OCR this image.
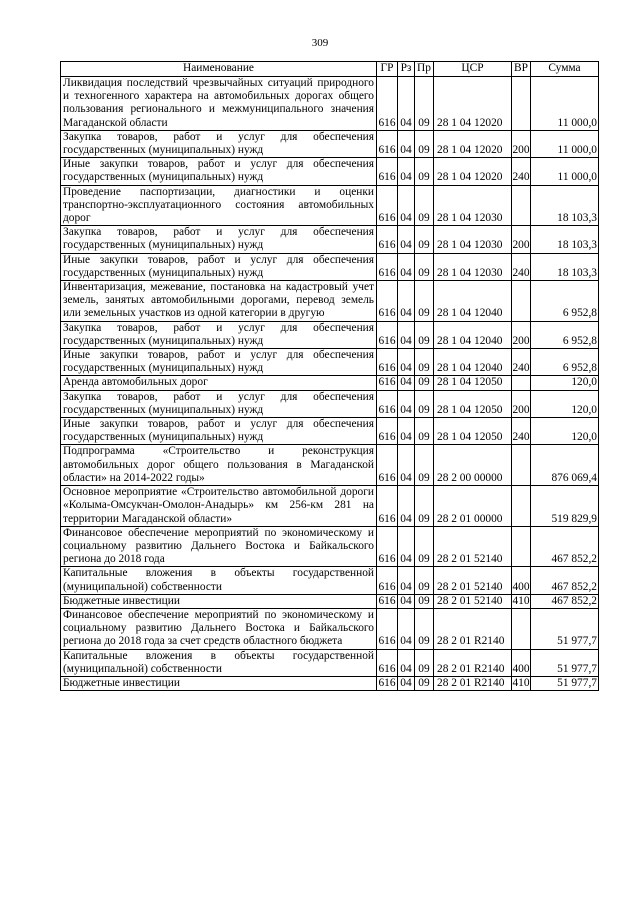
309
Наименование	ГР	Рз	Пр	ЦСР	ВР	Сумма
Ликвидация последствий чрезвычайных ситуаций природного и техногенного характера на автомобильных дорогах общего пользования регионального и межмуниципального значения Магаданской области	616	04	09	28 1 04 12020		11 000,0
Закупка товаров, работ и услуг для обеспечения государственных (муниципальных) нужд	616	04	09	28 1 04 12020	200	11 000,0
Иные закупки товаров, работ и услуг для обеспечения государственных (муниципальных) нужд	616	04	09	28 1 04 12020	240	11 000,0
Проведение паспортизации, диагностики и оценки транспортно-эксплуатационного состояния автомобильных дорог	616	04	09	28 1 04 12030		18 103,3
Закупка товаров, работ и услуг для обеспечения государственных (муниципальных) нужд	616	04	09	28 1 04 12030	200	18 103,3
Иные закупки товаров, работ и услуг для обеспечения государственных (муниципальных) нужд	616	04	09	28 1 04 12030	240	18 103,3
Инвентаризация, межевание, постановка на кадастровый учет земель, занятых автомобильными дорогами, перевод земель или земельных участков из одной категории в другую	616	04	09	28 1 04 12040		6 952,8
Закупка товаров, работ и услуг для обеспечения государственных (муниципальных) нужд	616	04	09	28 1 04 12040	200	6 952,8
Иные закупки товаров, работ и услуг для обеспечения государственных (муниципальных) нужд	616	04	09	28 1 04 12040	240	6 952,8
Аренда автомобильных дорог	616	04	09	28 1 04 12050		120,0
Закупка товаров, работ и услуг для обеспечения государственных (муниципальных) нужд	616	04	09	28 1 04 12050	200	120,0
Иные закупки товаров, работ и услуг для обеспечения государственных (муниципальных) нужд	616	04	09	28 1 04 12050	240	120,0
Подпрограмма «Строительство и реконструкция автомобильных дорог общего пользования в Магаданской области» на 2014-2022 годы»	616	04	09	28 2 00 00000		876 069,4
Основное мероприятие «Строительство автомобильной дороги «Колыма-Омсукчан-Омолон-Анадырь» км 256-км 281 на территории Магаданской области»	616	04	09	28 2 01 00000		519 829,9
Финансовое обеспечение мероприятий по экономическому и социальному развитию Дальнего Востока и Байкальского региона до 2018 года	616	04	09	28 2 01 52140		467 852,2
Капитальные вложения в объекты государственной (муниципальной) собственности	616	04	09	28 2 01 52140	400	467 852,2
Бюджетные инвестиции	616	04	09	28 2 01 52140	410	467 852,2
Финансовое обеспечение мероприятий по экономическому и социальному развитию Дальнего Востока и Байкальского региона до 2018 года за счет средств областного бюджета	616	04	09	28 2 01 R2140		51 977,7
Капитальные вложения в объекты государственной (муниципальной) собственности	616	04	09	28 2 01 R2140	400	51 977,7
Бюджетные инвестиции	616	04	09	28 2 01 R2140	410	51 977,7
